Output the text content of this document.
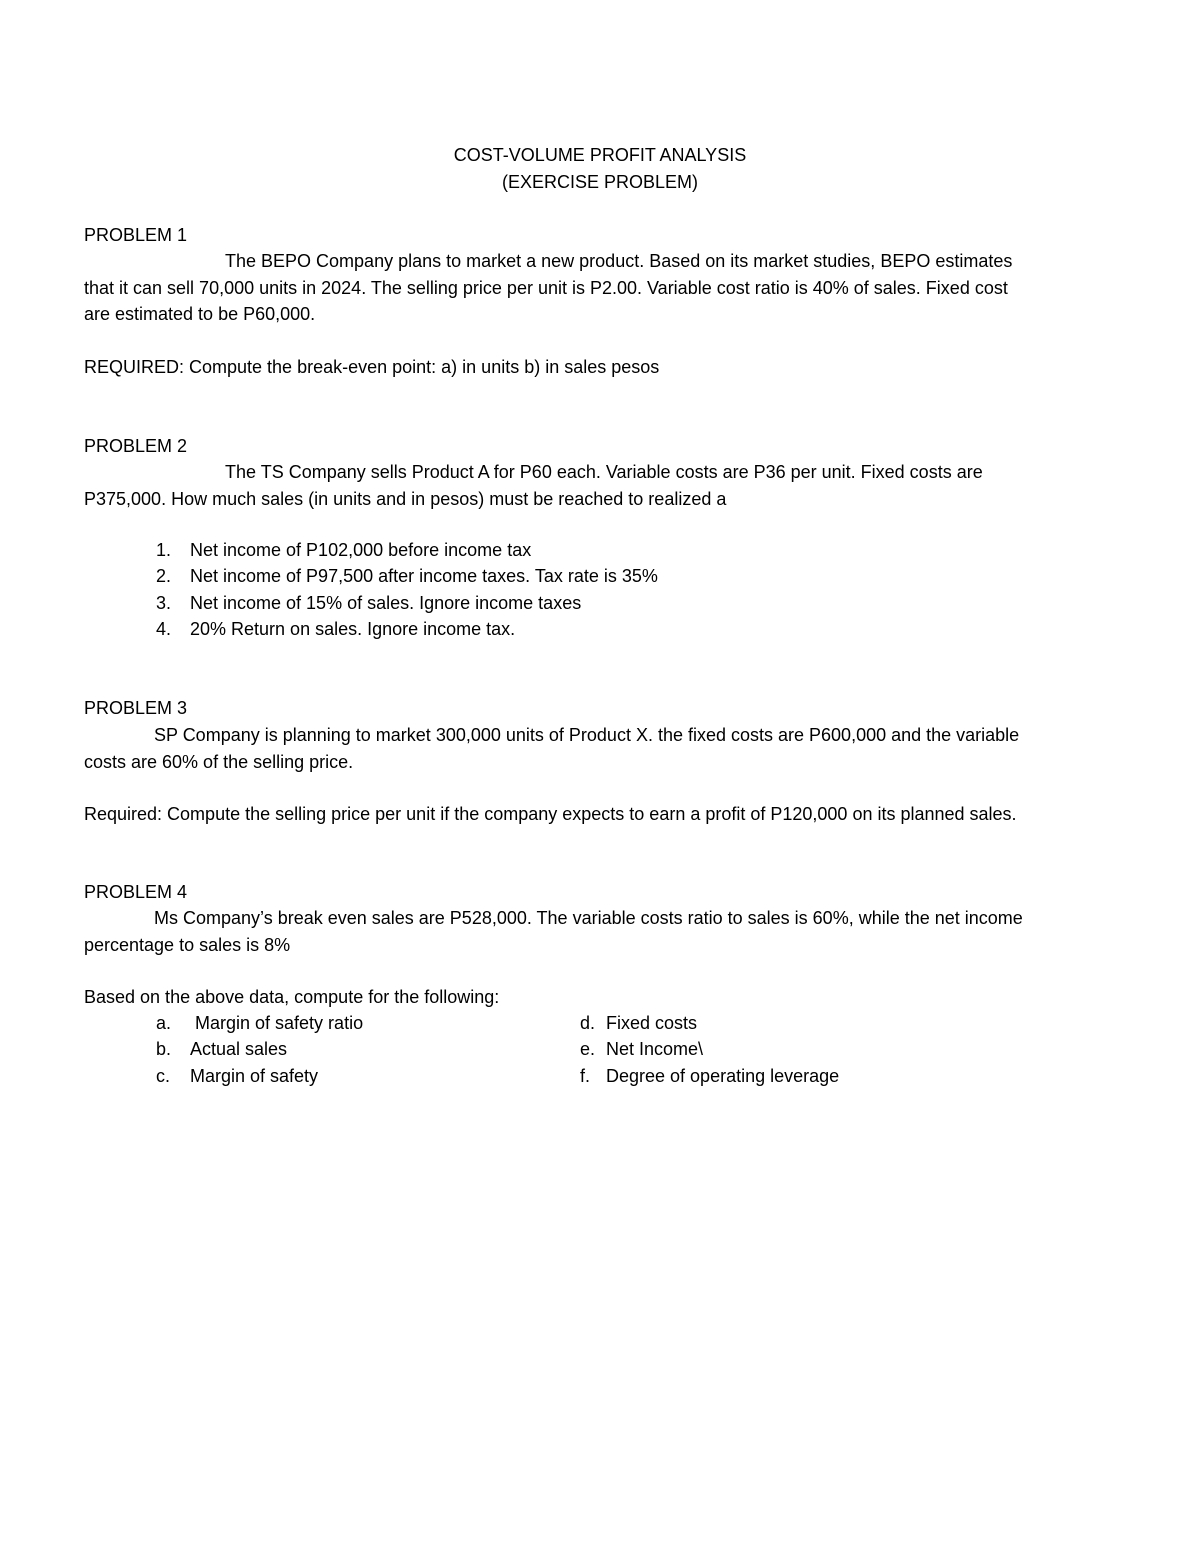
COST-VOLUME PROFIT ANALYSIS
(EXERCISE PROBLEM)
PROBLEM 1
The BEPO Company plans to market a new product. Based on its market studies, BEPO estimates
that it can sell 70,000 units in 2024. The selling price per unit is P2.00. Variable cost ratio is 40% of sales. Fixed cost
are estimated to be P60,000.
REQUIRED: Compute the break-even point: a) in units b) in sales pesos
PROBLEM 2
The TS Company sells Product A for P60 each. Variable costs are P36 per unit. Fixed costs are
P375,000. How much sales (in units and in pesos) must be reached to realized a
1. Net income of P102,000 before income tax
2. Net income of P97,500 after income taxes. Tax rate is 35%
3. Net income of 15% of sales. Ignore income taxes
4. 20% Return on sales. Ignore income tax.
PROBLEM 3
SP Company is planning to market 300,000 units of Product X. the fixed costs are P600,000 and the variable
costs are 60% of the selling price.
Required: Compute the selling price per unit if the company expects to earn a profit of P120,000 on its planned sales.
PROBLEM 4
Ms Company’s break even sales are P528,000. The variable costs ratio to sales is 60%, while the net income
percentage to sales is 8%
Based on the above data, compute for the following:
a. Margin of safety ratio	d. Fixed costs
b. Actual sales	e. Net Income\
c. Margin of safety	f. Degree of operating leverage
